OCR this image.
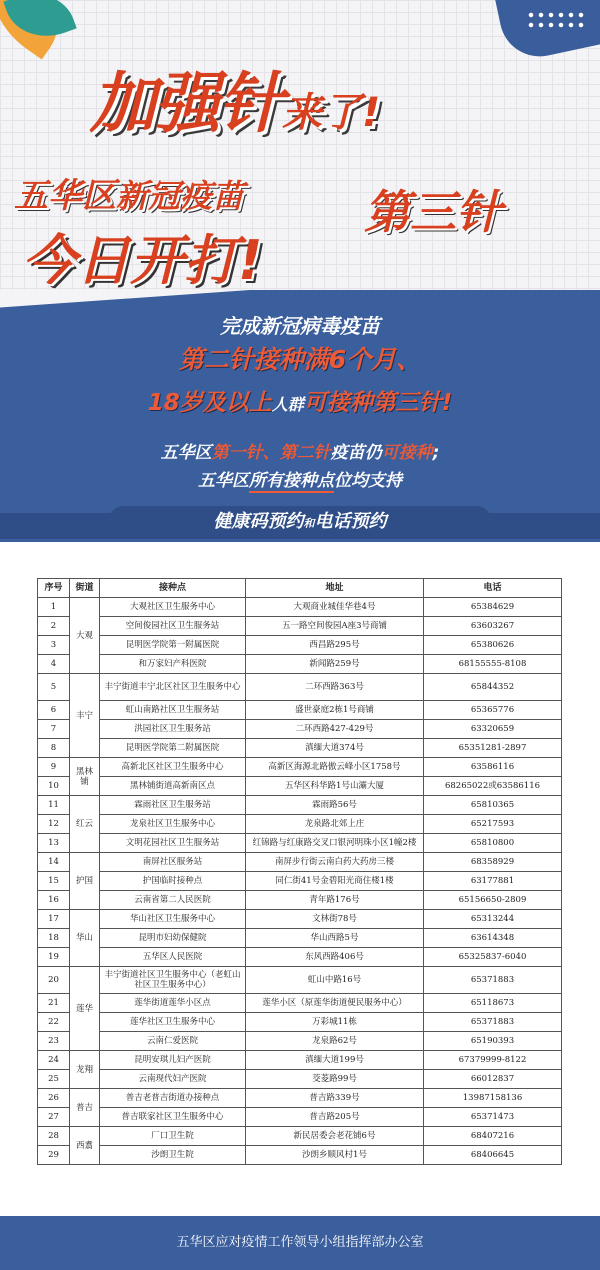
加强针来了!
五华区新冠疫苗	第三针
今日开打!
完成新冠病毒疫苗
第二针接种满6个月、
18岁及以上人群可接种第三针!
五华区第一针、第二针疫苗仍可接种;
五华区所有接种点位均支持
健康码预约和电话预约
序号	街道	接种点	地址	电话
1	大观	大观社区卫生服务中心	大观商业城佳华巷4号	65384629
2		空间俊园社区卫生服务站	五一路空间俊园A座3号商铺	63603267
3		昆明医学院第一附属医院	西昌路295号	65380626
4		和万家妇产科医院	新闻路259号	68155555-8108
5	丰宁	丰宁街道丰宁北区社区卫生服务中心	二环西路363号	65844352
6		虹山南路社区卫生服务站	盛世豪庭2栋1号商铺	65365776
7		洪园社区卫生服务站	二环西路427-429号	63320659
8		昆明医学院第二附属医院	滇缅大道374号	65351281-2897
9	黑林铺	高新北区社区卫生服务中心	高新区海源北路傲云峰小区1758号	63586116
10		黑林铺街道高新南区点	五华区科华路1号山灞大厦	68265022或63586116
11	红云	霖雨社区卫生服务站	霖雨路56号	65810365
12		龙泉社区卫生服务中心	龙泉路北郊上庄	65217593
13		文明花园社区卫生服务站	红锦路与红康路交叉口银河明珠小区1幢2楼	65810800
14	护国	南屏社区服务站	南屏步行街云南白药大药房三楼	68358929
15		护国临时接种点	同仁街41号金碧阳光商住楼1楼	63177881
16		云南省第二人民医院	青年路176号	65156650-2809
17	华山	华山社区卫生服务中心	文林街78号	65313244
18		昆明市妇幼保健院	华山西路5号	63614348
19		五华区人民医院	东风西路406号	65325837-6040
20	莲华	丰宁街道社区卫生服务中心（老虹山社区卫生服务中心）	虹山中路16号	65371883
21		莲华街道莲华小区点	莲华小区（原莲华街道便民服务中心）	65118673
22		莲华社区卫生服务中心	万彩城11栋	65371883
23		云南仁爱医院	龙泉路62号	65190393
24	龙翔	昆明安琪儿妇产医院	滇缅大道199号	67379999-8122
25		云南现代妇产医院	茭菱路99号	66012837
26	普吉	普吉老普吉街道办接种点	普吉路339号	13987158136
27		普吉联家社区卫生服务中心	普吉路205号	65371473
28	西翥	厂口卫生院	新民居委会老花铺6号	68407216
29		沙朗卫生院	沙朗乡顺风村1号	68406645
五华区应对疫情工作领导小组指挥部办公室
